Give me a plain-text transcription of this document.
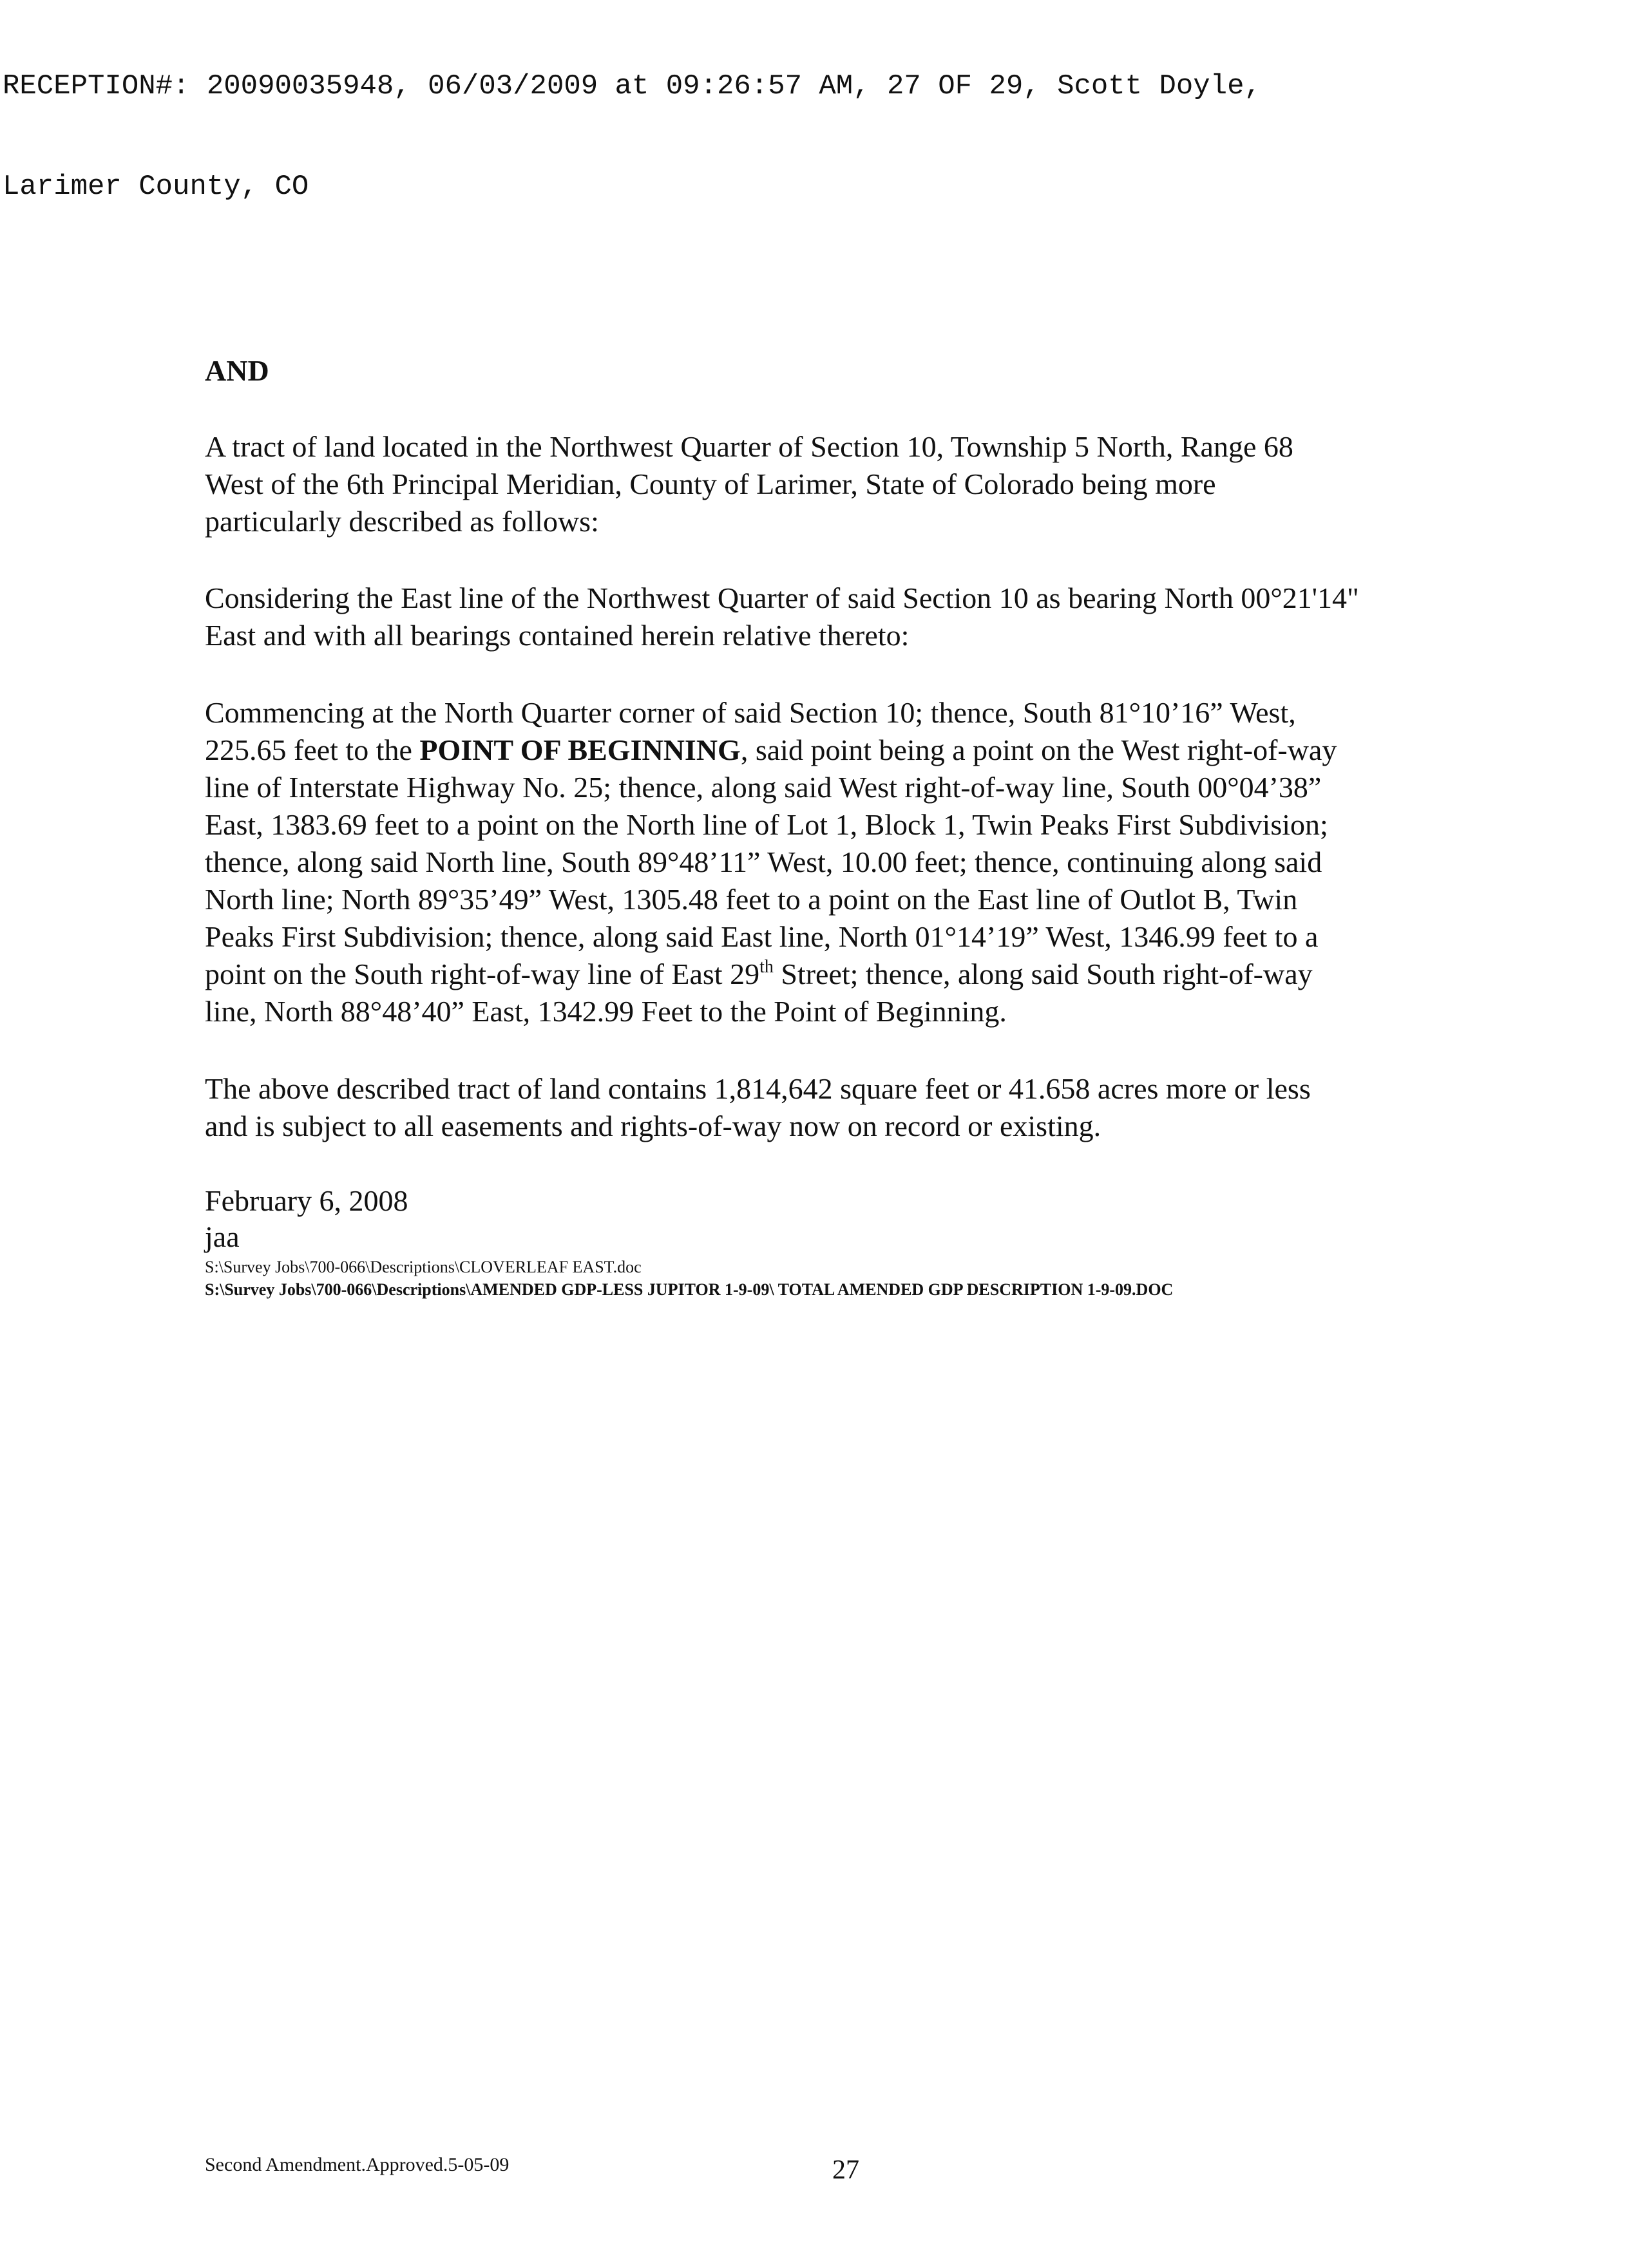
RECEPTION#: 20090035948, 06/03/2009 at 09:26:57 AM, 27 OF 29, Scott Doyle,

Larimer County, CO

AND
A tract of land located in the Northwest Quarter of Section 10, Township 5 North, Range 68
West of the 6th Principal Meridian, County of Larimer, State of Colorado being more
particularly described as follows:
Considering the East line of the Northwest Quarter of said Section 10 as bearing North 00°21'14"
East and with all bearings contained herein relative thereto:
Commencing at the North Quarter corner of said Section 10; thence, South 81°10’16” West,
225.65 feet to the POINT OF BEGINNING, said point being a point on the West right-of-way
line of Interstate Highway No. 25; thence, along said West right-of-way line, South 00°04’38”
East, 1383.69 feet to a point on the North line of Lot 1, Block 1, Twin Peaks First Subdivision;
thence, along said North line, South 89°48’11” West, 10.00 feet; thence, continuing along said
North line; North 89°35’49” West, 1305.48 feet to a point on the East line of Outlot B, Twin
Peaks First Subdivision; thence, along said East line, North 01°14’19” West, 1346.99 feet to a
point on the South right-of-way line of East 29th Street; thence, along said South right-of-way
line, North 88°48’40” East, 1342.99 Feet to the Point of Beginning.
The above described tract of land contains 1,814,642 square feet or 41.658 acres more or less
and is subject to all easements and rights-of-way now on record or existing.
February 6, 2008
jaa
S:\Survey Jobs\700-066\Descriptions\CLOVERLEAF EAST.doc
S:\Survey Jobs\700-066\Descriptions\AMENDED GDP-LESS JUPITOR 1-9-09\ TOTAL AMENDED GDP DESCRIPTION 1-9-09.DOC
Second Amendment.Approved.5-05-09	27
